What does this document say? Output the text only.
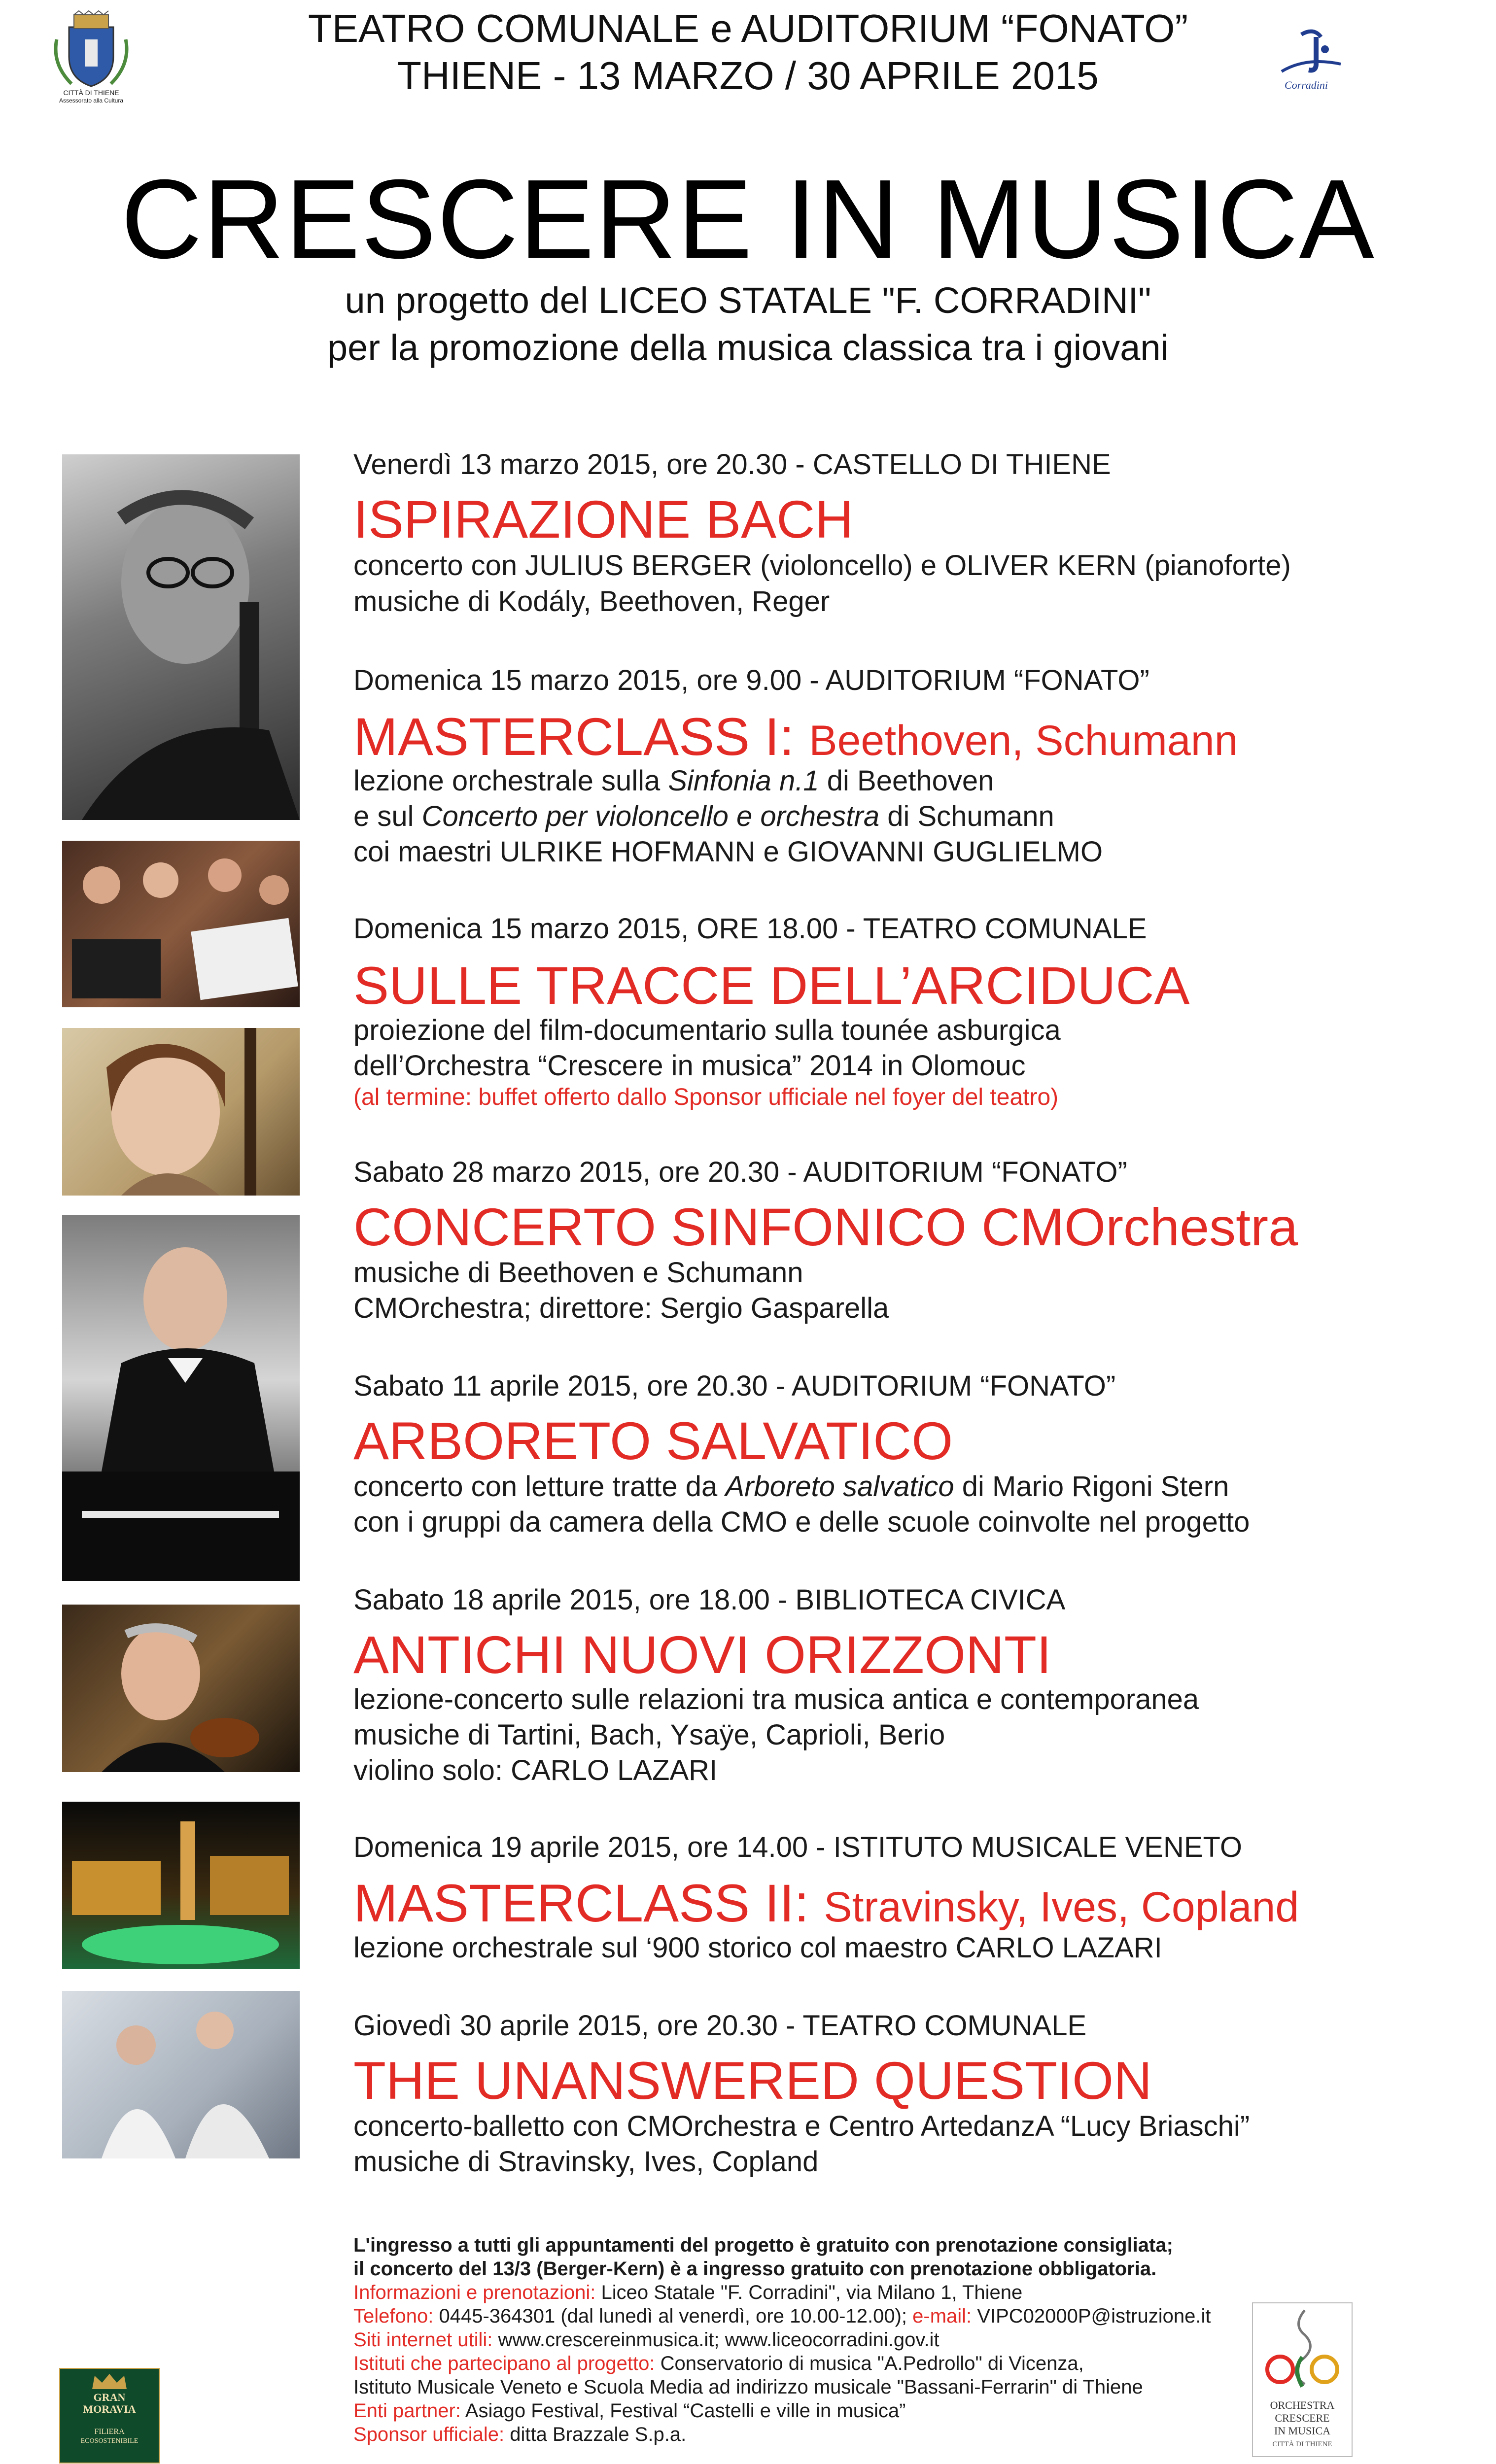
CITTÀ DI THIENE
Assessorato alla Cultura
TEATRO COMUNALE e AUDITORIUM “FONATO”
THIENE - 13 MARZO / 30 APRILE 2015	Corradini
CRESCERE IN MUSICA
un progetto del LICEO STATALE "F. CORRADINI"
per la promozione della musica classica tra i giovani
Venerdì 13 marzo 2015, ore 20.30 - CASTELLO DI THIENE
ISPIRAZIONE BACH
concerto con JULIUS BERGER (violoncello) e OLIVER KERN (pianoforte)
musiche di Kodály, Beethoven, Reger
Domenica 15 marzo 2015, ore 9.00 - AUDITORIUM “FONATO”
MASTERCLASS I: Beethoven, Schumann
lezione orchestrale sulla Sinfonia n.1 di Beethoven
e sul Concerto per violoncello e orchestra di Schumann
coi maestri ULRIKE HOFMANN e GIOVANNI GUGLIELMO
Domenica 15 marzo 2015, ORE 18.00 - TEATRO COMUNALE
SULLE TRACCE DELL’ARCIDUCA
proiezione del film-documentario sulla tounée asburgica
dell’Orchestra “Crescere in musica” 2014 in Olomouc
(al termine: buffet offerto dallo Sponsor ufficiale nel foyer del teatro)
Sabato 28 marzo 2015, ore 20.30 - AUDITORIUM “FONATO”
CONCERTO SINFONICO CMOrchestra
musiche di Beethoven e Schumann
CMOrchestra; direttore: Sergio Gasparella
Sabato 11 aprile 2015, ore 20.30 - AUDITORIUM “FONATO”
ARBORETO SALVATICO
concerto con letture tratte da Arboreto salvatico di Mario Rigoni Stern
con i gruppi da camera della CMO e delle scuole coinvolte nel progetto
Sabato 18 aprile 2015, ore 18.00 - BIBLIOTECA CIVICA
ANTICHI NUOVI ORIZZONTI
lezione-concerto sulle relazioni tra musica antica e contemporanea
musiche di Tartini, Bach, Ysaÿe, Caprioli, Berio
violino solo: CARLO LAZARI
Domenica 19 aprile 2015, ore 14.00 - ISTITUTO MUSICALE VENETO
MASTERCLASS II: Stravinsky, Ives, Copland
lezione orchestrale sul ‘900 storico col maestro CARLO LAZARI
Giovedì 30 aprile 2015, ore 20.30 - TEATRO COMUNALE
THE UNANSWERED QUESTION
concerto-balletto con CMOrchestra e Centro ArtedanzA “Lucy Briaschi”
musiche di Stravinsky, Ives, Copland
L'ingresso a tutti gli appuntamenti del progetto è gratuito con prenotazione consigliata;
il concerto del 13/3 (Berger-Kern) è a ingresso gratuito con prenotazione obbligatoria.
Informazioni e prenotazioni: Liceo Statale "F. Corradini", via Milano 1, Thiene
Telefono: 0445-364301 (dal lunedì al venerdì, ore 10.00-12.00); e-mail: VIPC02000P@istruzione.it
Siti internet utili: www.crescereinmusica.it; www.liceocorradini.gov.it
Istituti che partecipano al progetto: Conservatorio di musica "A.Pedrollo" di Vicenza,
Istituto Musicale Veneto e Scuola Media ad indirizzo musicale "Bassani-Ferrarin" di Thiene
Enti partner: Asiago Festival, Festival “Castelli e ville in musica”
Sponsor ufficiale: ditta Brazzale S.p.a.
GRAN
MORAVIA
FILIERA
ECOSOSTENIBILE
ORCHESTRA
CRESCERE
IN MUSICA
CITTÀ DI THIENE
